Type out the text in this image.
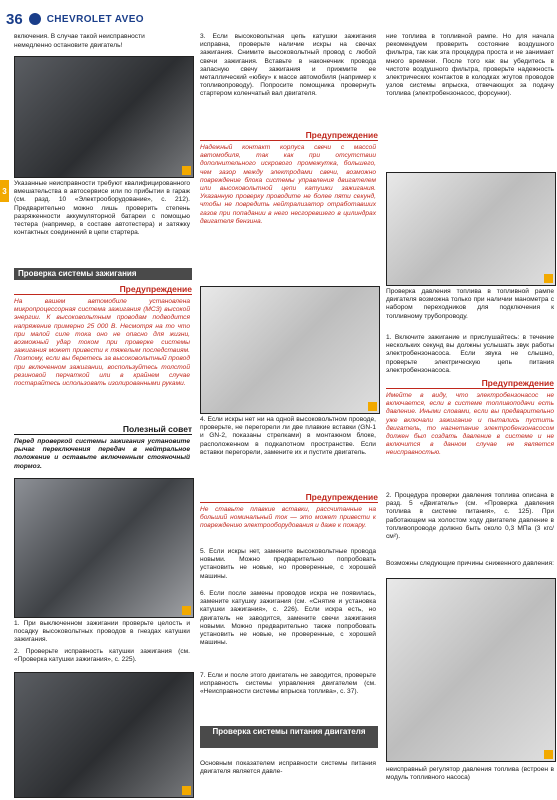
36 CHEVROLET AVEO
3

включения. В случае такой неисправности

немедленно остановите двигатель!

Указанные неисправности требуют квалифицированного вмешательства в автосервисе или по прибытии в гараж (см. разд. 10 «Электрооборудование», с. 212). Предварительно можно лишь проверить степень разряженности аккумуляторной батареи с помощью тестера (например, в составе автотестера) и затяжку контактных соединений в цепи стартера.

Проверка системы зажигания
Предупреждение

На вашем автомобиле установлена микропроцессорная система зажигания (МСЗ) высокой энергии. К высоковольтным проводам подводится напряжение примерно 25 000 В. Несмотря на то что при малой силе тока оно не опасно для жизни, возможный удар током при проверке системы зажигания может привести к тяжелым последствиям. Поэтому, если вы беретесь за высоковольтный провод при включенном зажигании, воспользуйтесь толстой резиновой перчаткой или в крайнем случае постарайтесь использовать изолированными руками.

Полезный совет

Перед проверкой системы зажигания установите рычаг переключения передач в нейтральное положение и оставьте включенным стояночный тормоз.

1. При выключенном зажигании проверьте целость и посадку высоковольтных проводов в гнездах катушки зажигания.

2. Проверьте исправность катушки зажигания (см. «Проверка катушки зажигания», с. 225).

3. Если высоковольтная цепь катушки зажигания исправна, проверьте наличие искры на свечах зажигания. Снимите высоковольтный провод с любой свечи зажигания. Вставьте в наконечник провода запасную свечу зажигания и прижмите ее металлический «юбку» к массе автомобиля (например к топливопроводу). Попросите помощника провернуть стартером коленчатый вал двигателя.

Предупреждение

Надежный контакт корпуса свечи с массой автомобиля, так как при отсутствии дополнительного искрового промежутка, большего, чем зазор между электродами свечи, возможно повреждение блока системы управления двигателем или высоковольтной цепи катушки зажигания. Указанную проверку проводите не более пяти секунд, чтобы не повредить нейтрализатор отработавших газов при попадании в него несгоревшего в цилиндрах двигателя бензина.

4. Если искры нет ни на одной высоковольтном проводе, проверьте, не перегорели ли две плавкие вставки (GN-1 и GN-2, показаны стрелками) в монтажном блоке, расположенном в подкапотном пространстве. Если вставки перегорели, замените их и пустите двигатель.

Предупреждение

Не ставьте плавкие вставки, рассчитанные на больший номинальный ток — это может привести к повреждению электрооборудования и даже к пожару.

5. Если искры нет, замените высоковольтные провода новыми. Можно предварительно попробовать установить не новые, но проверенные, с хорошей машины.

6. Если после замены проводов искра не появилась, замените катушку зажигания (см. «Снятие и установка катушки зажигания», с. 226). Если искра есть, но двигатель не заводится, замените свечи зажигания новыми. Можно предварительно также попробовать установить не новые, не проверенные, с хорошей машины.

7. Если и после этого двигатель не заводится, проверьте исправность системы управления двигателем (см. «Неисправности системы впрыска топлива», с. 37).

Проверка системы питания двигателя

Основным показателем исправности системы питания двигателя является давле-

ние топлива в топливной рампе. Но для начала рекомендуем проверить состояние воздушного фильтра, так как эта процедура проста и не занимает много времени. После того как вы убедитесь в чистоте воздушного фильтра, проверьте надежность электрических контактов в колодках жгутов проводов узлов системы впрыска, отвечающих за подачу топлива (электробензонасос, форсунки).

Проверка давления топлива в топливной рампе двигателя возможна только при наличии манометра с набором переходников для подключения к топливному трубопроводу.

1. Включите зажигание и прислушайтесь: в течение нескольких секунд вы должны услышать звук работы электробензонасоса. Если звука не слышно, проверьте электрическую цепь питания электробензонасоса.

Предупреждение

Имейте в виду, что электробензонасос не включается, если в системе топливоподачи есть давление. Иными словами, если вы предварительно уже включали зажигание и пытались пустить двигатель, то нагнетание электробензонасосом должен был создать давление в системе и не включится в данном случае не является неисправностью.

2. Процедура проверки давления топлива описана в разд. 5 «Двигатель» (см. «Проверка давления топлива в системе питания», с. 125). При работающем на холостом ходу двигателе давление в топливопроводе должно быть около 0,3 МПа (3 кгс/см²).

Возможны следующие причины сниженного давления:

неисправный регулятор давления топлива (встроен в модуль топливного насоса)
